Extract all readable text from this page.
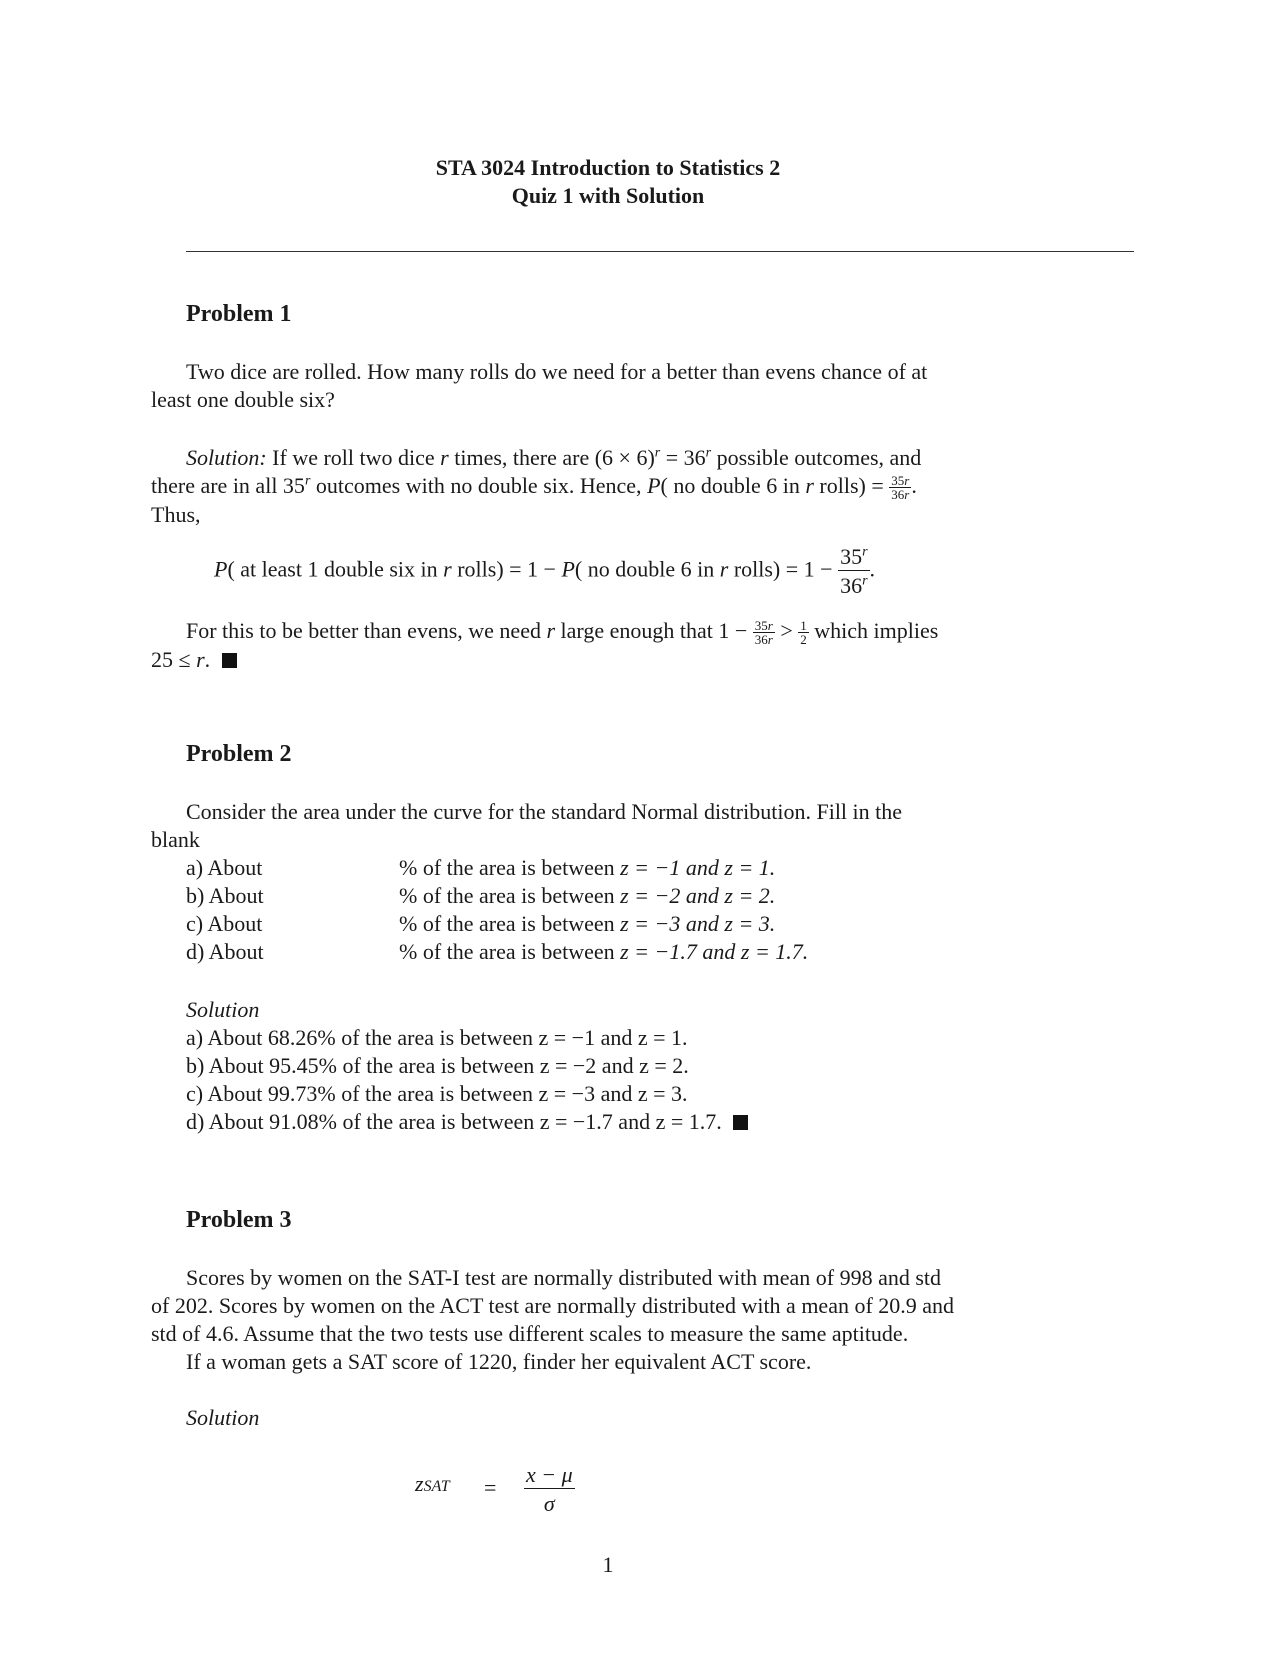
STA 3024 Introduction to Statistics 2
Quiz 1 with Solution
Problem 1
Two dice are rolled. How many rolls do we need for a better than evens chance of at
least one double six?
Solution: If we roll two dice r times, there are $(6 \times 6)^r = 36^r$ possible outcomes, and
there are in all 35$^r$ outcomes with no double six. Hence, P( no double 6 in r rolls) = $\frac{35r}{36r}$ .
Thus,
P( at least 1 double six in r rolls) = 1 − P( no double 6 in r rolls) = $1 - \frac{35^r}{36^r}$ .
For this to be better than evens, we need r large enough that $1 - \frac{35r}{36r} > \frac{1}{2}$ which implies
25 ≤ r.
Problem 2
Consider the area under the curve for the standard Normal distribution. Fill in the
blank
a) About	% of the area is between z = −1 and z = 1.
b) About	% of the area is between z = −2 and z = 2.
c) About	% of the area is between z = −3 and z = 3.
d) About	% of the area is between z = −1.7 and z = 1.7.
Solution
a) About 68.26% of the area is between z = −1 and z = 1.
b) About 95.45% of the area is between z = −2 and z = 2.
c) About 99.73% of the area is between z = −3 and z = 3.
d) About 91.08% of the area is between z = −1.7 and z = 1.7.
Problem 3
Scores by women on the SAT-I test are normally distributed with mean of 998 and std
of 202. Scores by women on the ACT test are normally distributed with a mean of 20.9 and
std of 4.6. Assume that the two tests use different scales to measure the same aptitude.
If a woman gets a SAT score of 1220, finder her equivalent ACT score.
Solution
zSAT = $\frac{x - \mu}{\sigma}$
1
